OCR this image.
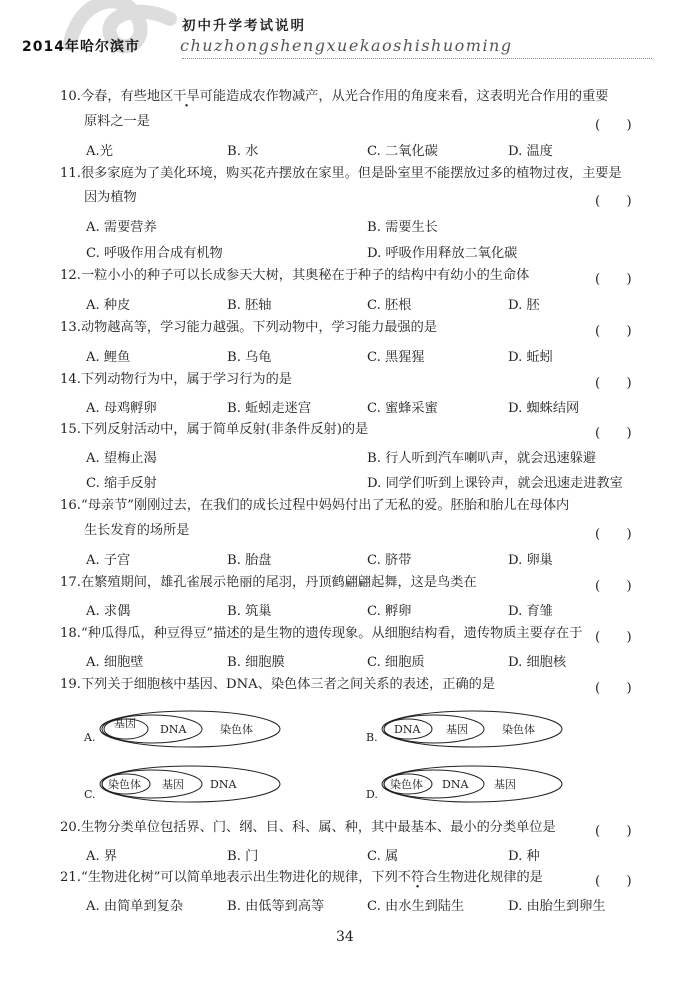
2014年哈尔滨市
初中升学考试说明
chuzhongshengxuekaoshishuoming
10.今春，有些地区干旱可能造成农作物减产，从光合作用的角度来看，这表明光合作用的重要
原料之一是	(　　)
A.光	B. 水	C. 二氧化碳	D. 温度
11.很多家庭为了美化环境，购买花卉摆放在家里。但是卧室里不能摆放过多的植物过夜，主要是
因为植物	(　　)
A. 需要营养	B. 需要生长
C. 呼吸作用合成有机物	D. 呼吸作用释放二氧化碳
12.一粒小小的种子可以长成参天大树，其奥秘在于种子的结构中有幼小的生命体	(　　)
A. 种皮	B. 胚轴	C. 胚根	D. 胚
13.动物越高等，学习能力越强。下列动物中，学习能力最强的是	(　　)
A. 鲤鱼	B. 乌龟	C. 黑猩猩	D. 蚯蚓
14.下列动物行为中，属于学习行为的是	(　　)
A. 母鸡孵卵	B. 蚯蚓走迷宫	C. 蜜蜂采蜜	D. 蜘蛛结网
15.下列反射活动中，属于简单反射(非条件反射)的是	(　　)
A. 望梅止渴	B. 行人听到汽车喇叭声，就会迅速躲避
C. 缩手反射	D. 同学们听到上课铃声，就会迅速走进教室
16.“母亲节”刚刚过去，在我们的成长过程中妈妈付出了无私的爱。胚胎和胎儿在母体内
生长发育的场所是	(　　)
A. 子宫	B. 胎盘	C. 脐带	D. 卵巢
17.在繁殖期间，雄孔雀展示艳丽的尾羽，丹顶鹤翩翩起舞，这是鸟类在	(　　)
A. 求偶	B. 筑巢	C. 孵卵	D. 育雏
18.“种瓜得瓜，种豆得豆”描述的是生物的遗传现象。从细胞结构看，遗传物质主要存在于 (　　)
A. 细胞壁	B. 细胞膜	C. 细胞质	D. 细胞核
19.下列关于细胞核中基因、DNA、染色体三者之间关系的表述，正确的是	(　　)
A.
基因 DNA	染色体
B.
DNA 基因	染色体
C.
染色体 基因 DNA
D.
染色体 DNA 基因
20.生物分类单位包括界、门、纲、目、科、属、种，其中最基本、最小的分类单位是	(　　)
A. 界	B. 门	C. 属	D. 种
21.“生物进化树”可以简单地表示出生物进化的规律，下列不符合生物进化规律的是	(　　)
A. 由简单到复杂	B. 由低等到高等	C. 由水生到陆生	D. 由胎生到卵生
34
